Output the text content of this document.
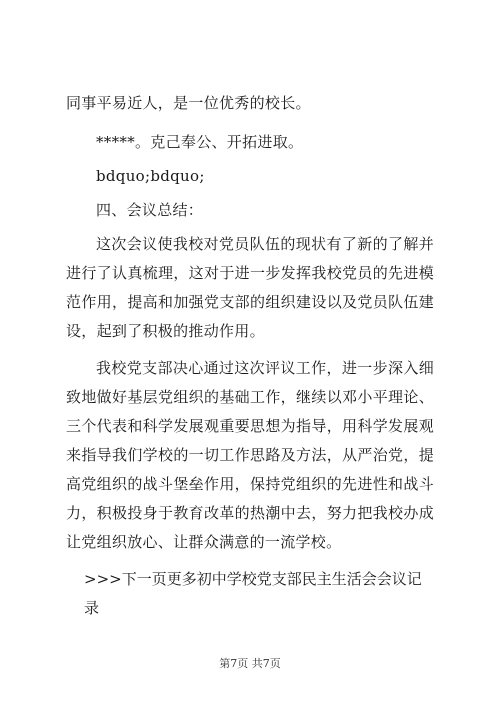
同事平易近人，是一位优秀的校长。

*****。克己奉公、开拓进取。

bdquo;bdquo;

四、会议总结：

这次会议使我校对党员队伍的现状有了新的了解并进行了认真梳理，这对于进一步发挥我校党员的先进模范作用，提高和加强党支部的组织建设以及党员队伍建设，起到了积极的推动作用。

我校党支部决心通过这次评议工作，进一步深入细致地做好基层党组织的基础工作，继续以邓小平理论、三个代表和科学发展观重要思想为指导，用科学发展观来指导我们学校的一切工作思路及方法，从严治党，提高党组织的战斗堡垒作用，保持党组织的先进性和战斗力，积极投身于教育改革的热潮中去，努力把我校办成让党组织放心、让群众满意的一流学校。

>>>下一页更多初中学校党支部民主生活会会议记录

第7页 共7页
